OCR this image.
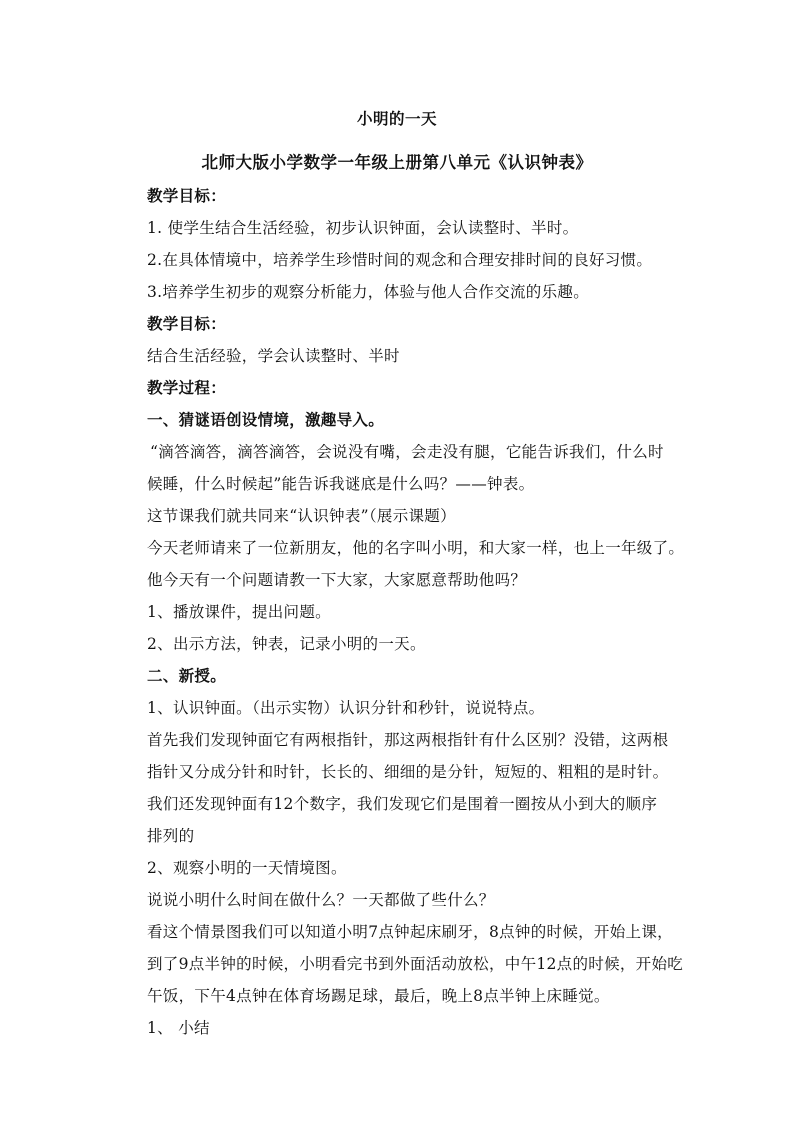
小明的一天
北师大版小学数学一年级上册第八单元《认识钟表》
教学目标：
1. 使学生结合生活经验，初步认识钟面，会认读整时、半时。
2.在具体情境中，培养学生珍惜时间的观念和合理安排时间的良好习惯。
3.培养学生初步的观察分析能力，体验与他人合作交流的乐趣。
教学目标：
结合生活经验，学会认读整时、半时
教学过程：
一、猜谜语创设情境，激趣导入。
“滴答滴答，滴答滴答，会说没有嘴，会走没有腿，它能告诉我们，什么时
候睡，什么时候起”能告诉我谜底是什么吗？——钟表。
这节课我们就共同来“认识钟表”（展示课题）
今天老师请来了一位新朋友，他的名字叫小明，和大家一样，也上一年级了。
他今天有一个问题请教一下大家，大家愿意帮助他吗？
1、播放课件，提出问题。
2、出示方法，钟表，记录小明的一天。
二、新授。
1、认识钟面。（出示实物）认识分针和秒针，说说特点。
首先我们发现钟面它有两根指针，那这两根指针有什么区别？没错，这两根
指针又分成分针和时针，长长的、细细的是分针，短短的、粗粗的是时针。
我们还发现钟面有12个数字，我们发现它们是围着一圈按从小到大的顺序
排列的
2、观察小明的一天情境图。
说说小明什么时间在做什么？一天都做了些什么？
看这个情景图我们可以知道小明7点钟起床刷牙，8点钟的时候，开始上课，
到了9点半钟的时候，小明看完书到外面活动放松，中午12点的时候，开始吃
午饭，下午4点钟在体育场踢足球，最后，晚上8点半钟上床睡觉。
1、 小结
